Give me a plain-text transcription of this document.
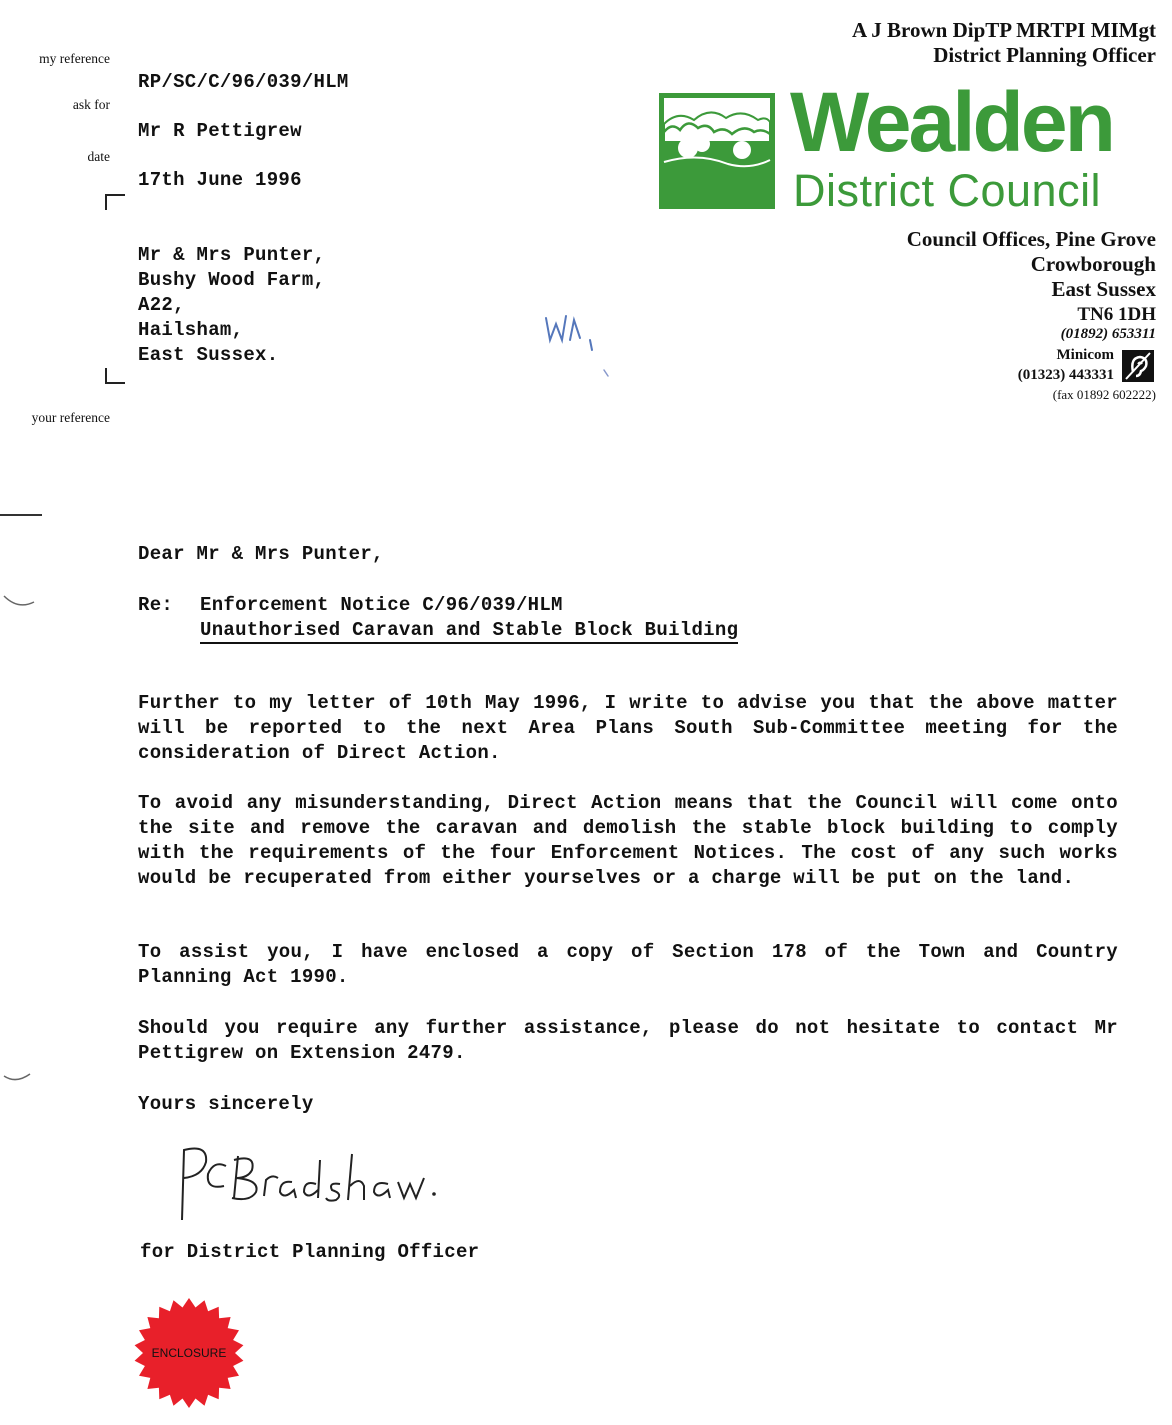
my reference
ask for
date
your reference
RP/SC/C/96/039/HLM
Mr R Pettigrew
17th June 1996
Mr & Mrs Punter,
Bushy Wood Farm,
A22,
Hailsham,
East Sussex.
A J Brown DipTP MRTPI MIMgt
District Planning Officer
Wealden
District Council
Council Offices, Pine Grove
Crowborough
East Sussex
TN6 1DH
(01892) 653311
Minicom
(01323) 443331
(fax 01892 602222)
Dear Mr & Mrs Punter,
Re: Enforcement Notice C/96/039/HLM
Unauthorised Caravan and Stable Block Building
Further to my letter of 10th May 1996, I write to advise you that the above matter will be reported to the next Area Plans South Sub-Committee meeting for the consideration of Direct Action.
To avoid any misunderstanding, Direct Action means that the Council will come onto the site and remove the caravan and demolish the stable block building to comply with the requirements of the four Enforcement Notices. The cost of any such works would be recuperated from either yourselves or a charge will be put on the land.
To assist you, I have enclosed a copy of Section 178 of the Town and Country Planning Act 1990.
Should you require any further assistance, please do not hesitate to contact Mr Pettigrew on Extension 2479.
Yours sincerely
for District Planning Officer
ENCLOSURE
